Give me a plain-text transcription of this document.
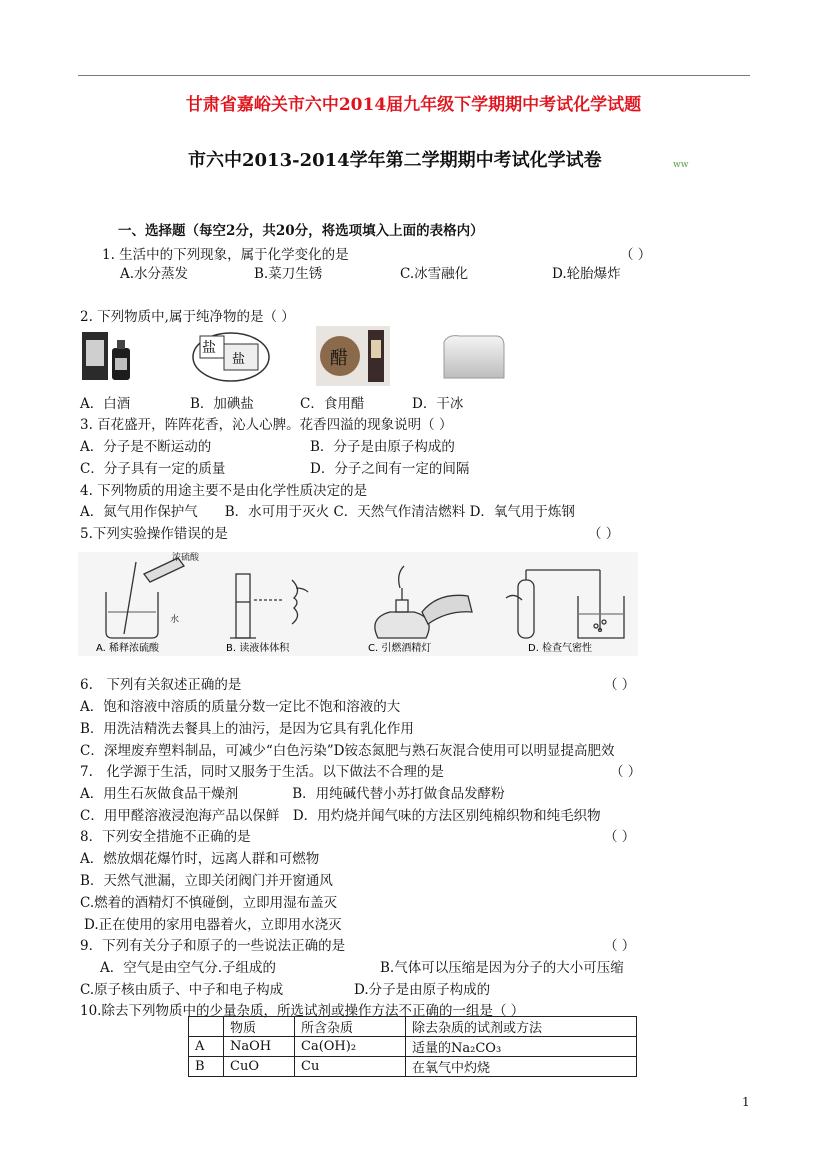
甘肃省嘉峪关市六中2014届九年级下学期期中考试化学试题
市六中2013-2014学年第二学期期中考试化学试卷	ww
一、选择题（每空2分，共20分，将选项填入上面的表格内）
1. 生活中的下列现象，属于化学变化的是	（ ）
A.水分蒸发	B.菜刀生锈	C.冰雪融化	D.轮胎爆炸
2. 下列物质中,属于纯净物的是（ ）
盐
盐	醋
A．白酒	B．加碘盐	C．食用醋	D．干冰
3. 百花盛开，阵阵花香，沁人心脾。花香四溢的现象说明（ ）
A．分子是不断运动的	B．分子是由原子构成的
C．分子具有一定的质量	D．分子之间有一定的间隔
4. 下列物质的用途主要不是由化学性质决定的是
A．氮气用作保护气　　B．水可用于灭火 C．天然气作清洁燃料 D．氧气用于炼钢
5.下列实验操作错误的是	（ ）
浓硫酸
水
A. 稀释浓硫酸	B. 读液体体积	C. 引燃酒精灯	D. 检查气密性
6.　下列有关叙述正确的是	（ ）
A．饱和溶液中溶质的质量分数一定比不饱和溶液的大
B．用洗洁精洗去餐具上的油污，是因为它具有乳化作用
C．深埋废弃塑料制品，可减少“白色污染”D铵态氮肥与熟石灰混合使用可以明显提高肥效
7.　化学源于生活，同时又服务于生活。以下做法不合理的是	（ ）
A．用生石灰做食品干燥剂　　　　B．用纯碱代替小苏打做食品发酵粉
C．用甲醛溶液浸泡海产品以保鲜　D．用灼烧并闻气味的方法区别纯棉织物和纯毛织物
8．下列安全措施不正确的是	（ ）
A．燃放烟花爆竹时，远离人群和可燃物
B．天然气泄漏，立即关闭阀门并开窗通风
C.燃着的酒精灯不慎碰倒，立即用湿布盖灭
D.正在使用的家用电器着火，立即用水浇灭
9．下列有关分子和原子的一些说法正确的是	（ ）
A．空气是由空气分.子组成的	B.气体可以压缩是因为分子的大小可压缩
C.原子核由质子、中子和电子构成	D.分子是由原子构成的
10.除去下列物质中的少量杂质，所选试剂或操作方法不正确的一组是（ ）
	物质	所含杂质	除去杂质的试剂或方法
A	NaOH	Ca(OH)₂	适量的Na₂CO₃
B	CuO	Cu	在氧气中灼烧
1
